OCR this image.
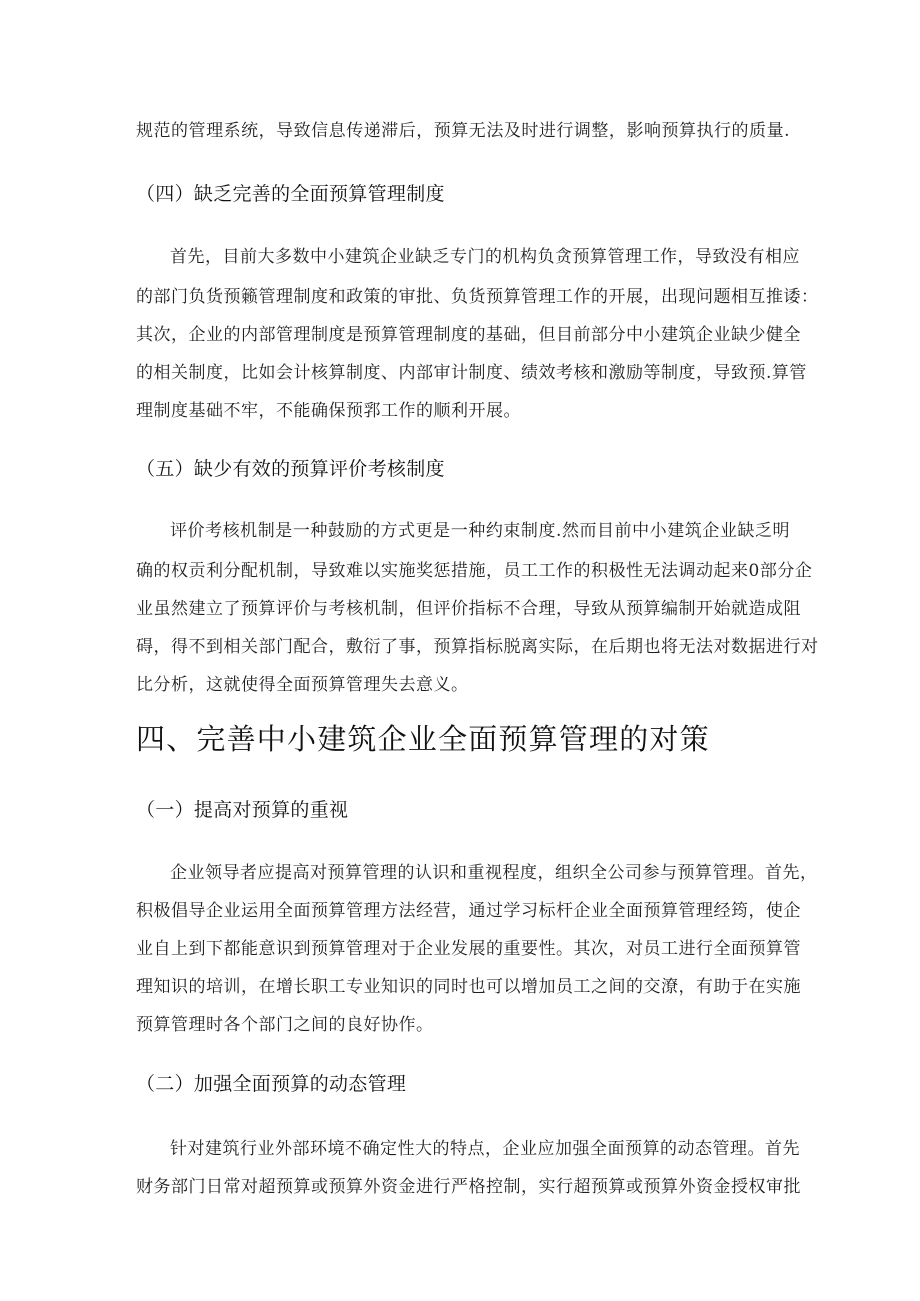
规范的管理系统，导致信息传递滞后，预算无法及时进行调整，影响预算执行的质量.
（四）缺乏完善的全面预算管理制度
首先，目前大多数中小建筑企业缺乏专门的机构负贪预算管理工作，导致没有相应
的部门负货预籁管理制度和政策的审批、负货预算管理工作的开展，出现问题相互推诿：
其次，企业的内部管理制度是预算管理制度的基础，但目前部分中小建筑企业缺少健全
的相关制度，比如会计核算制度、内部审计制度、绩效考核和激励等制度，导致预.算管
理制度基础不牢，不能确保预郛工作的顺利开展。
（五）缺少有效的预算评价考核制度
评价考核机制是一种鼓励的方式更是一种约束制度.然而目前中小建筑企业缺乏明
确的权贡利分配机制，导致难以实施奖惩措施，员工工作的积极性无法调动起来0部分企
业虽然建立了预算评价与考核机制，但评价指标不合理，导致从预算编制开始就造成阻
碍，得不到相关部门配合，敷衍了事，预算指标脱离实际，在后期也将无法对数据进行对
比分析，这就使得全面预算管理失去意义。
四、完善中小建筑企业全面预算管理的对策
（一）提高对预算的重视
企业领导者应提高对预算管理的认识和重视程度，组织全公司参与预算管理。首先，
积极倡导企业运用全面预算管理方法经营，通过学习标杆企业全面预算管理经筠，使企
业自上到下都能意识到预算管理对于企业发展的重要性。其次，对员工进行全面预算管
理知识的培训，在增长职工专业知识的同时也可以增加员工之间的交潦，有助于在实施
预算管理时各个部门之间的良好协作。
（二）加强全面预算的动态管理
针对建筑行业外部环境不确定性大的特点，企业应加强全面预算的动态管理。首先
财务部门日常对超预算或预算外资金进行严格控制，实行超预算或预算外资金授权审批
